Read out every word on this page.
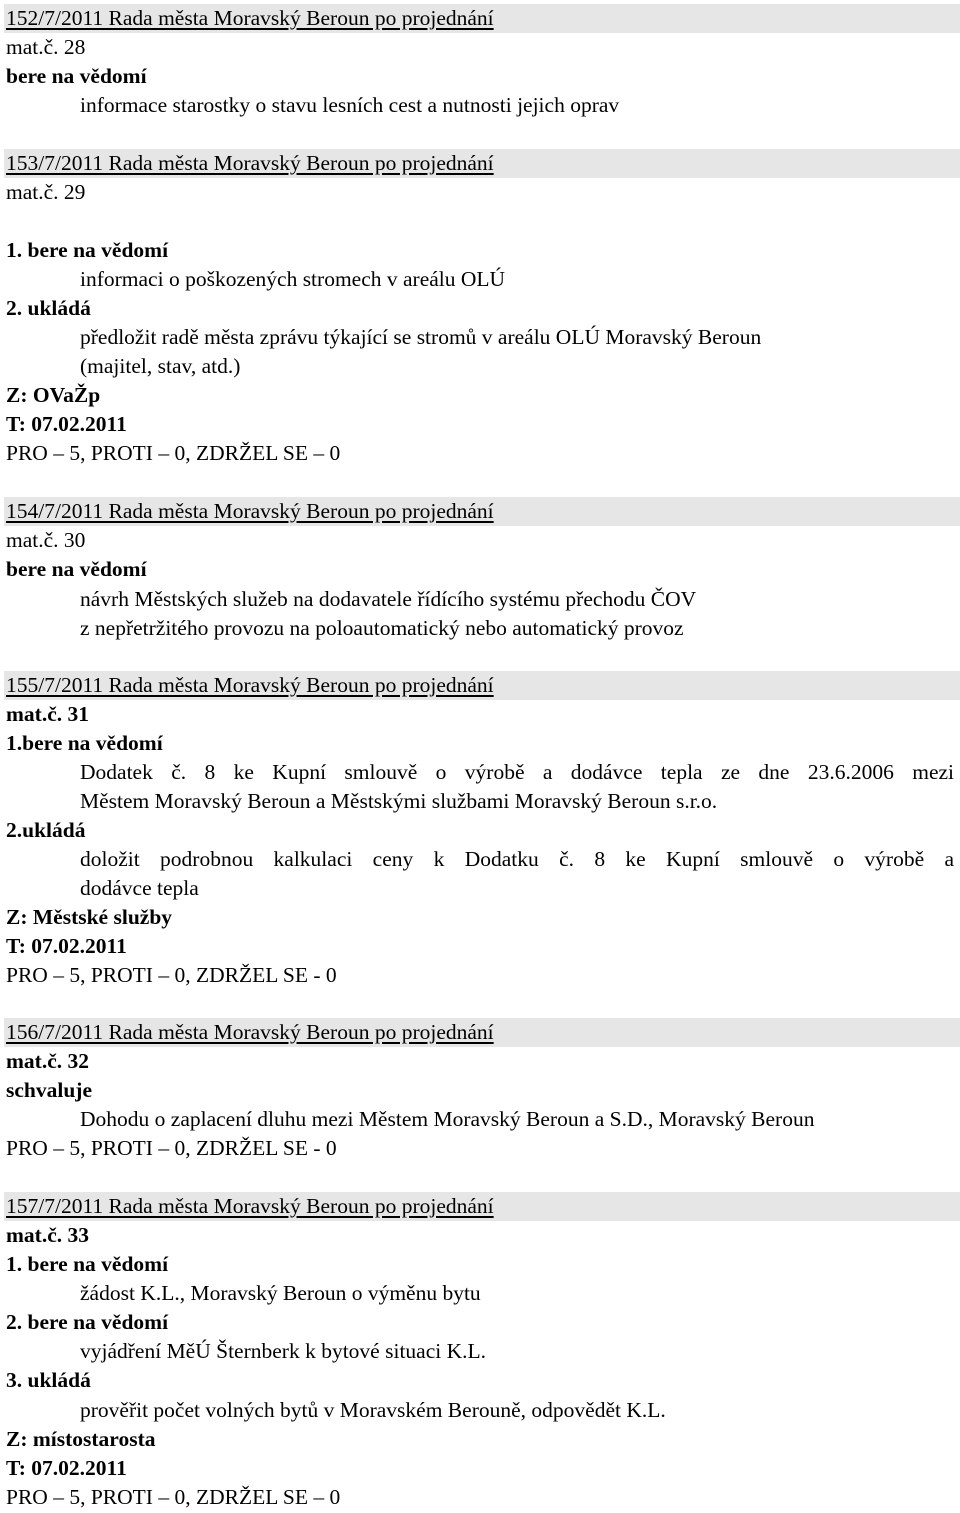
152/7/2011 Rada města Moravský Beroun po projednání
mat.č. 28
bere na vědomí
informace starostky o stavu lesních cest a nutnosti jejich oprav
153/7/2011 Rada města Moravský Beroun po projednání
mat.č. 29
1. bere na vědomí
informaci o poškozených stromech v areálu OLÚ
2. ukládá
předložit radě města zprávu týkající se stromů v areálu OLÚ Moravský Beroun
(majitel, stav, atd.)
Z: OVaŽp
T: 07.02.2011
PRO – 5, PROTI – 0, ZDRŽEL SE – 0
154/7/2011 Rada města Moravský Beroun po projednání
mat.č. 30
bere na vědomí
návrh Městských služeb na dodavatele řídícího systému přechodu ČOV
z nepřetržitého provozu na poloautomatický nebo automatický provoz
155/7/2011 Rada města Moravský Beroun po projednání
mat.č. 31
1.bere na vědomí
Dodatek č. 8 ke Kupní smlouvě o výrobě a dodávce tepla ze dne 23.6.2006 mezi
Městem Moravský Beroun a Městskými službami Moravský Beroun s.r.o.
2.ukládá
doložit podrobnou kalkulaci ceny k Dodatku č. 8 ke Kupní smlouvě o výrobě a
dodávce tepla
Z: Městské služby
T: 07.02.2011
PRO – 5, PROTI – 0, ZDRŽEL SE - 0
156/7/2011 Rada města Moravský Beroun po projednání
mat.č. 32
schvaluje
Dohodu o zaplacení dluhu mezi Městem Moravský Beroun a S.D., Moravský Beroun
PRO – 5, PROTI – 0, ZDRŽEL SE - 0
157/7/2011 Rada města Moravský Beroun po projednání
mat.č. 33
1. bere na vědomí
žádost K.L., Moravský Beroun o výměnu bytu
2. bere na vědomí
vyjádření MěÚ Šternberk k bytové situaci K.L.
3. ukládá
prověřit počet volných bytů v Moravském Berouně, odpovědět K.L.
Z: místostarosta
T: 07.02.2011
PRO – 5, PROTI – 0, ZDRŽEL SE – 0
